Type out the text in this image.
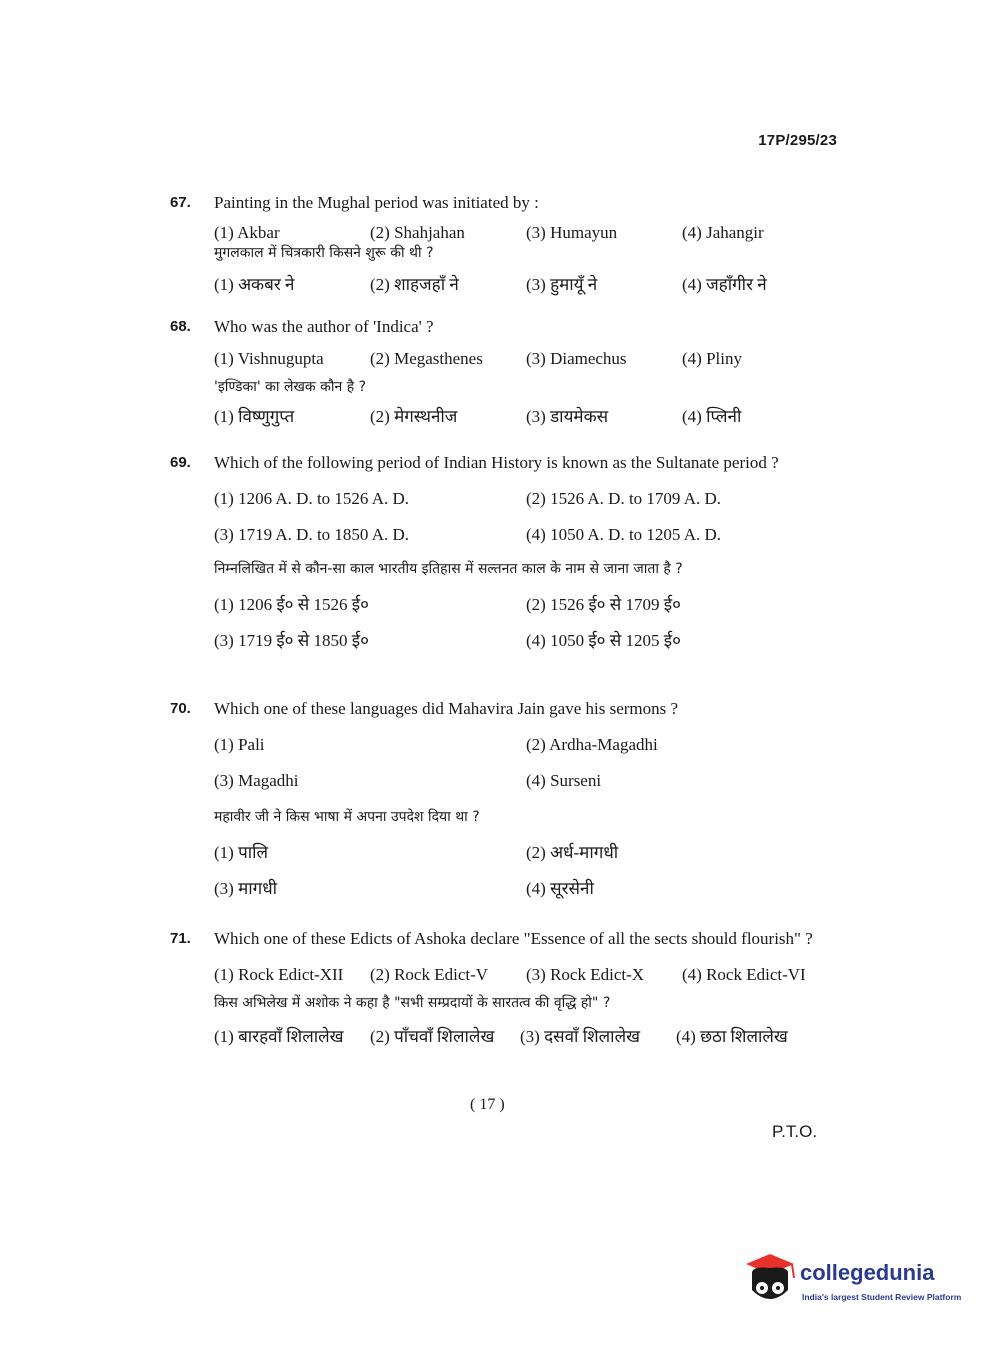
17P/295/23
67. Painting in the Mughal period was initiated by :
(1) Akbar	(2) Shahjahan	(3) Humayun	(4) Jahangir
मुगलकाल में चित्रकारी किसने शुरू की थी ?
(1) अकबर ने	(2) शाहजहाँ ने	(3) हुमायूँ ने	(4) जहाँगीर ने
68. Who was the author of 'Indica' ?
(1) Vishnugupta	(2) Megasthenes	(3) Diamechus	(4) Pliny
'इण्डिका' का लेखक कौन है ?
(1) विष्णुगुप्त	(2) मेगस्थनीज	(3) डायमेकस	(4) प्लिनी
69. Which of the following period of Indian History is known as the Sultanate period ?
(1) 1206 A. D. to 1526 A. D.	(2) 1526 A. D. to 1709 A. D.
(3) 1719 A. D. to 1850 A. D.	(4) 1050 A. D. to 1205 A. D.
निम्नलिखित में से कौन-सा काल भारतीय इतिहास में सल्तनत काल के नाम से जाना जाता है ?
(1) 1206 ई० से 1526 ई०	(2) 1526 ई० से 1709 ई०
(3) 1719 ई० से 1850 ई०	(4) 1050 ई० से 1205 ई०
70. Which one of these languages did Mahavira Jain gave his sermons ?
(1) Pali	(2) Ardha-Magadhi
(3) Magadhi	(4) Surseni
महावीर जी ने किस भाषा में अपना उपदेश दिया था ?
(1) पालि	(2) अर्ध-मागधी
(3) मागधी	(4) सूरसेनी
71. Which one of these Edicts of Ashoka declare "Essence of all the sects should flourish" ?
(1) Rock Edict-XII (2) Rock Edict-V (3) Rock Edict-X (4) Rock Edict-VI
किस अभिलेख में अशोक ने कहा है "सभी सम्प्रदायों के सारतत्व की वृद्धि हो" ?
(1) बारहवाँ शिलालेख (2) पाँचवाँ शिलालेख (3) दसवाँ शिलालेख (4) छठा शिलालेख
( 17 )
P.T.O.
collegedunia
India's largest Student Review Platform
